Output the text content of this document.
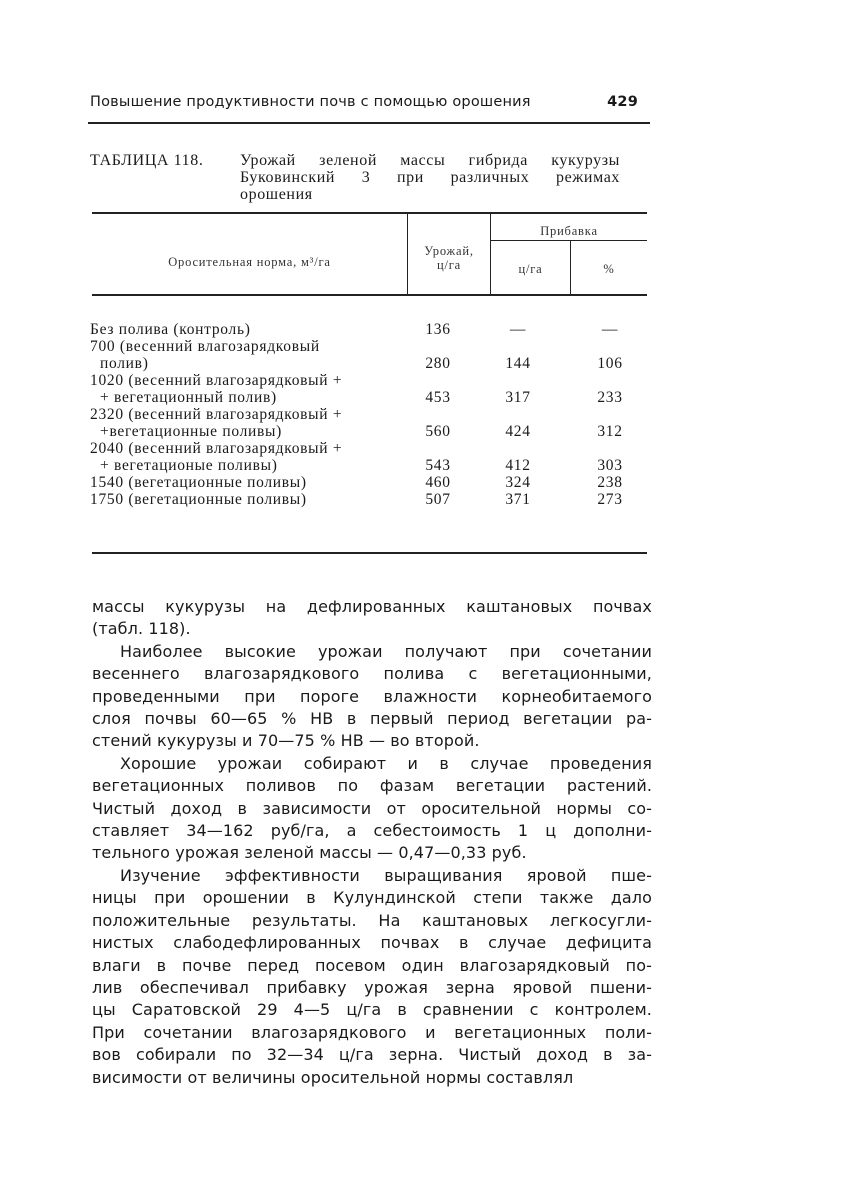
Повышение продуктивности почв с помощью орошения	429
ТАБЛИЦА 118. Урожай зеленой массы гибрида кукурузы
Буковинский 3 при различных режимах
орошения
Оросительная норма, м³/га
Урожай,
ц/га
Прибавка
ц/га	%
Без полива (контроль)	136	—	—
700 (весенний влагозарядковый
полив)	280	144	106
1020 (весенний влагозарядковый +
+ вегетационный полив)	453	317	233
2320 (весенний влагозарядковый +
+вегетационные поливы)	560	424	312
2040 (весенний влагозарядковый +
+ вегетационые поливы)	543	412	303
1540 (вегетационные поливы)	460	324	238
1750 (вегетационные поливы)	507	371	273
массы кукурузы на дефлированных каштановых почвах
(табл. 118).
Наиболее высокие урожаи получают при сочетании
весеннего влагозарядкового полива с вегетационными,
проведенными при пороге влажности корнеобитаемого
слоя почвы 60—65 % НВ в первый период вегетации ра-
стений кукурузы и 70—75 % НВ — во второй.
Хорошие урожаи собирают и в случае проведения
вегетационных поливов по фазам вегетации растений.
Чистый доход в зависимости от оросительной нормы со-
ставляет 34—162 руб/га, а себестоимость 1 ц дополни-
тельного урожая зеленой массы — 0,47—0,33 руб.
Изучение эффективности выращивания яровой пше-
ницы при орошении в Кулундинской степи также дало
положительные результаты. На каштановых легкосугли-
нистых слабодефлированных почвах в случае дефицита
влаги в почве перед посевом один влагозарядковый по-
лив обеспечивал прибавку урожая зерна яровой пшени-
цы Саратовской 29 4—5 ц/га в сравнении с контролем.
При сочетании влагозарядкового и вегетационных поли-
вов собирали по 32—34 ц/га зерна. Чистый доход в за-
висимости от величины оросительной нормы составлял
